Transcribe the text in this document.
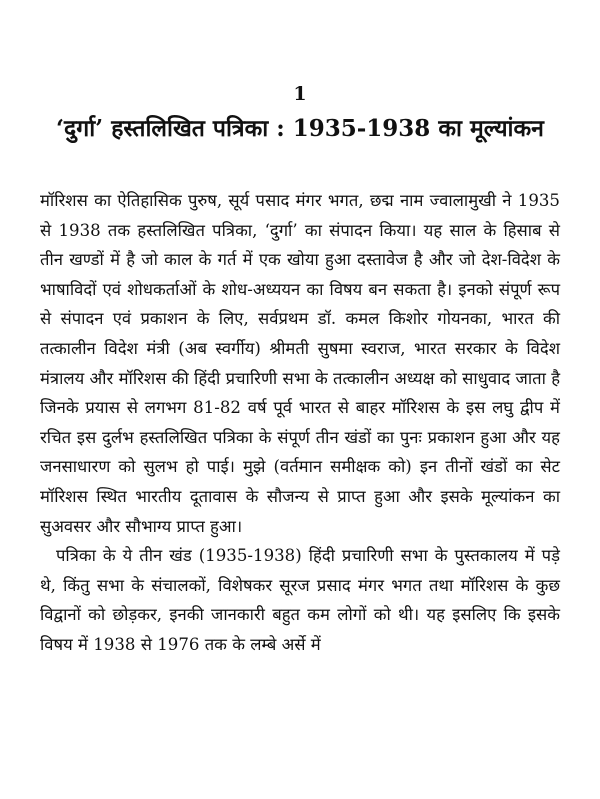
1
‘दुर्गा’ हस्तलिखित पत्रिका : 1935-1938 का मूल्यांकन

मॉरिशस का ऐतिहासिक पुरुष, सूर्य पसाद मंगर भगत, छद्म नाम ज्वालामुखी ने 1935 से 1938 तक हस्तलिखित पत्रिका, ‘दुर्गा’ का संपादन किया। यह साल के हिसाब से तीन खण्डों में है जो काल के गर्त में एक खोया हुआ दस्तावेज है और जो देश-विदेश के भाषाविदों एवं शोधकर्ताओं के शोध-अध्ययन का विषय बन सकता है। इनको संपूर्ण रूप से संपादन एवं प्रकाशन के लिए, सर्वप्रथम डॉ. कमल किशोर गोयनका, भारत की तत्कालीन विदेश मंत्री (अब स्वर्गीय) श्रीमती सुषमा स्वराज, भारत सरकार के विदेश मंत्रालय और मॉरिशस की हिंदी प्रचारिणी सभा के तत्कालीन अध्यक्ष को साधुवाद जाता है जिनके प्रयास से लगभग 81-82 वर्ष पूर्व भारत से बाहर मॉरिशस के इस लघु द्वीप में रचित इस दुर्लभ हस्तलिखित पत्रिका के संपूर्ण तीन खंडों का पुनः प्रकाशन हुआ और यह जनसाधारण को सुलभ हो पाई। मुझे (वर्तमान समीक्षक को) इन तीनों खंडों का सेट मॉरिशस स्थित भारतीय दूतावास के सौजन्य से प्राप्त हुआ और इसके मूल्यांकन का सुअवसर और सौभाग्य प्राप्त हुआ।

पत्रिका के ये तीन खंड (1935-1938) हिंदी प्रचारिणी सभा के पुस्तकालय में पड़े थे, किंतु सभा के संचालकों, विशेषकर सूरज प्रसाद मंगर भगत तथा मॉरिशस के कुछ विद्वानों को छोड़कर, इनकी जानकारी बहुत कम लोगों को थी। यह इसलिए कि इसके विषय में 1938 से 1976 तक के लम्बे अर्से में
